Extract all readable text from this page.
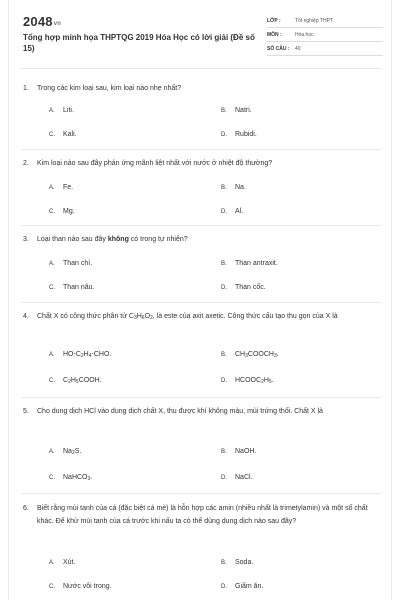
2048vn
Tổng hợp minh họa THPTQG 2019 Hóa Học có lời giải (Đề số 15)
LỚP :	Tốt nghiệp THPT
MÔN :	Hóa học
SỐ CÂU :	40
1. Trong các kim loại sau, kim loại nào nhẹ nhất?
A. Liti.	B. Natri.
C. Kali.	D. Rubidi.
2. Kim loại nào sau đây phản ứng mãnh liệt nhất với nước ở nhiệt độ thường?
A. Fe.	B. Na.
C. Mg.	D. Al.
3. Loại than nào sau đây không có trong tự nhiên?
A. Than chì.	B. Than antraxit.
C. Than nâu.	D. Than cốc.
4. Chất X có công thức phân tử $C_3H_6O_2$, là este của axit axetic. Công thức cấu tạo thu gọn của X là
A. $HO-C_2H_4$-CHO.	B. $CH_3COOCH_3$.
C. $C_2H_5COOH$.	D. $HCOOC_2H_5$.
5. Cho dung dịch HCl vào dung dịch chất X, thu được khí không màu, mùi trứng thối. Chất X là
A. $Na_2S$.	B. NaOH.
C. NaHCO$_3$.	D. NaCl.
6. Biết rằng mùi tanh của cá (đặc biệt cá mè) là hỗn hợp các amin (nhiều nhất là trimetylamin) và một số chất khác. Để khử mùi tanh của cá trước khi nấu ta có thể dùng dung dịch nào sau đây?
A. Xút.	B. Soda.
C. Nước vôi trong.	D. Giấm ăn.
